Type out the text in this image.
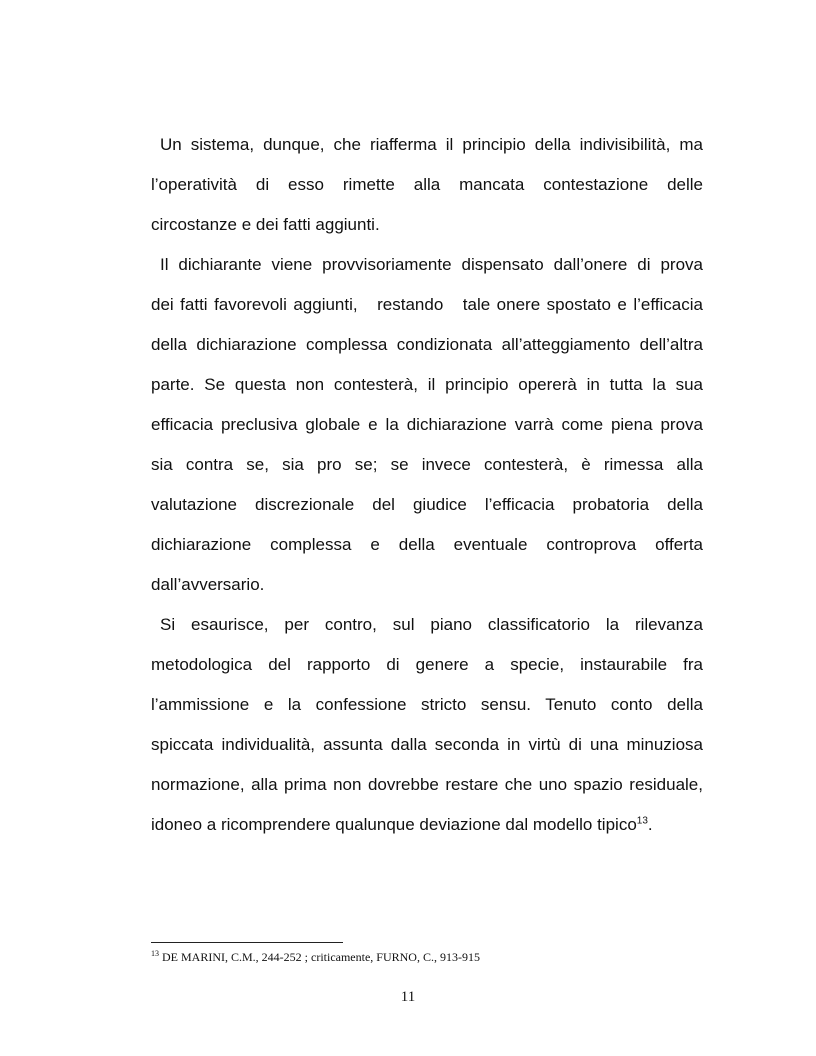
Un sistema, dunque, che riafferma il principio della indivisibilità, ma
l’operatività di esso rimette alla mancata contestazione delle
circostanze e dei fatti aggiunti.
Il dichiarante viene provvisoriamente dispensato dall’onere di prova
dei fatti favorevoli aggiunti,   restando   tale onere spostato e l’efficacia
della dichiarazione complessa condizionata all’atteggiamento dell’altra
parte. Se questa non contesterà, il principio opererà in tutta la sua
efficacia preclusiva globale e la dichiarazione varrà come piena prova
sia contra se, sia pro se; se invece contesterà, è rimessa alla
valutazione discrezionale del giudice l’efficacia probatoria della
dichiarazione complessa e della eventuale controprova offerta
dall’avversario.
Si esaurisce, per contro, sul piano classificatorio la rilevanza
metodologica del rapporto di genere a specie, instaurabile fra
l’ammissione e la confessione stricto sensu. Tenuto conto della
spiccata individualità, assunta dalla seconda in virtù di una minuziosa
normazione, alla prima non dovrebbe restare che uno spazio residuale,
idoneo a ricomprendere qualunque deviazione dal modello tipico$^{13}$.
$^{13}$ DE MARINI, C.M., 244-252 ; criticamente, FURNO, C., 913-915
11
